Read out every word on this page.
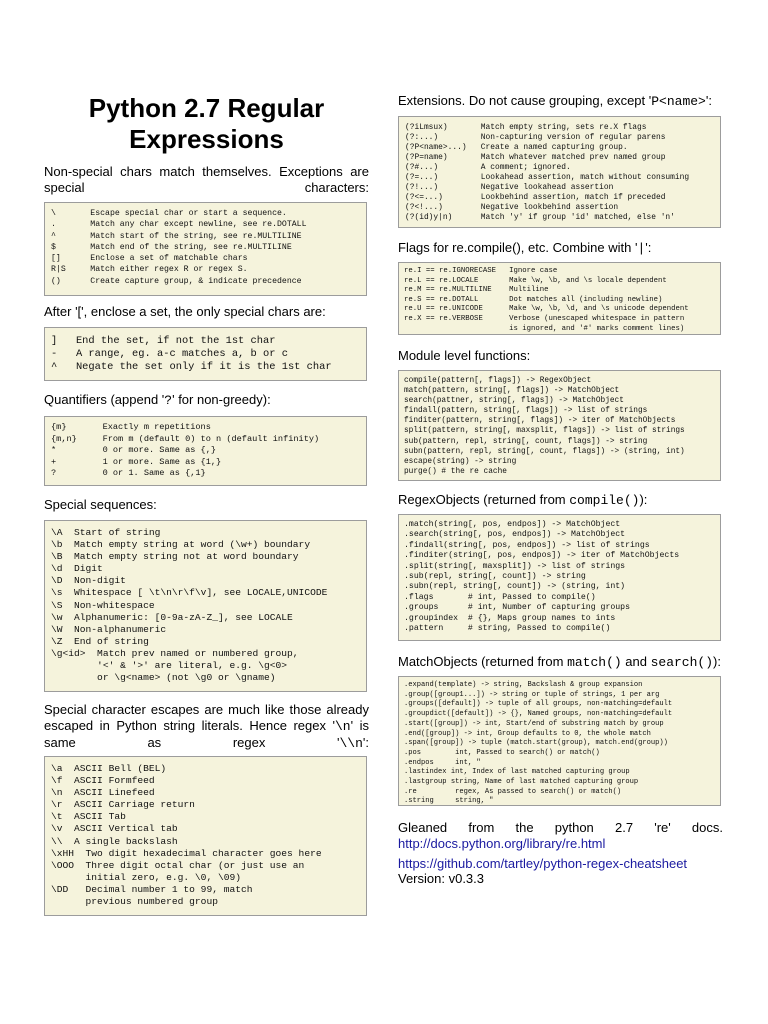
Python 2.7 Regular Expressions

Non-special chars match themselves. Exceptions are special characters:

\       Escape special char or start a sequence.
.       Match any char except newline, see re.DOTALL
^       Match start of the string, see re.MULTILINE
$       Match end of the string, see re.MULTILINE
[]      Enclose a set of matchable chars
R|S     Match either regex R or regex S.
()      Create capture group, & indicate precedence

After '[', enclose a set, the only special chars are:

]   End the set, if not the 1st char
-   A range, eg. a-c matches a, b or c
^   Negate the set only if it is the 1st char

Quantifiers (append '?' for non-greedy):

{m}       Exactly m repetitions
{m,n}     From m (default 0) to n (default infinity)
*         0 or more. Same as {,}
+         1 or more. Same as {1,}
?         0 or 1. Same as {,1}

Special sequences:

\A  Start of string
\b  Match empty string at word (\w+) boundary
\B  Match empty string not at word boundary
\d  Digit
\D  Non-digit
\s  Whitespace [ \t\n\r\f\v], see LOCALE,UNICODE
\S  Non-whitespace
\w  Alphanumeric: [0-9a-zA-Z_], see LOCALE
\W  Non-alphanumeric
\Z  End of string
\g<id>  Match prev named or numbered group,
'<' & '>' are literal, e.g. \g<0>
or \g<name> (not \g0 or \gname)

Special character escapes are much like those already escaped in Python string literals. Hence regex '\n' is same as regex '\\n':

\a  ASCII Bell (BEL)
\f  ASCII Formfeed
\n  ASCII Linefeed
\r  ASCII Carriage return
\t  ASCII Tab
\v  ASCII Vertical tab
\\  A single backslash
\xHH  Two digit hexadecimal character goes here
\OOO  Three digit octal char (or just use an
initial zero, e.g. \0, \09)
\DD   Decimal number 1 to 99, match
previous numbered group

Extensions. Do not cause grouping, except 'P<name>':

(?iLmsux)       Match empty string, sets re.X flags
(?:...)         Non-capturing version of regular parens
(?P<name>...)   Create a named capturing group.
(?P=name)       Match whatever matched prev named group
(?#...)         A comment; ignored.
(?=...)         Lookahead assertion, match without consuming
(?!...)         Negative lookahead assertion
(?<=...)        Lookbehind assertion, match if preceded
(?<!...)        Negative lookbehind assertion
(?(id)y|n)      Match 'y' if group 'id' matched, else 'n'

Flags for re.compile(), etc. Combine with '|':

re.I == re.IGNORECASE   Ignore case
re.L == re.LOCALE       Make \w, \b, and \s locale dependent
re.M == re.MULTILINE    Multiline
re.S == re.DOTALL       Dot matches all (including newline)
re.U == re.UNICODE      Make \w, \b, \d, and \s unicode dependent
re.X == re.VERBOSE      Verbose (unescaped whitespace in pattern
is ignored, and '#' marks comment lines)

Module level functions:

compile(pattern[, flags]) -> RegexObject
match(pattern, string[, flags]) -> MatchObject
search(pattner, string[, flags]) -> MatchObject
findall(pattern, string[, flags]) -> list of strings
finditer(pattern, string[, flags]) -> iter of MatchObjects
split(pattern, string[, maxsplit, flags]) -> list of strings
sub(pattern, repl, string[, count, flags]) -> string
subn(pattern, repl, string[, count, flags]) -> (string, int)
escape(string) -> string
purge() # the re cache

RegexObjects (returned from compile()):

.match(string[, pos, endpos]) -> MatchObject
.search(string[, pos, endpos]) -> MatchObject
.findall(string[, pos, endpos]) -> list of strings
.finditer(string[, pos, endpos]) -> iter of MatchObjects
.split(string[, maxsplit]) -> list of strings
.sub(repl, string[, count]) -> string
.subn(repl, string[, count]) -> (string, int)
.flags       # int, Passed to compile()
.groups      # int, Number of capturing groups
.groupindex  # {}, Maps group names to ints
.pattern     # string, Passed to compile()

MatchObjects (returned from match() and search()):

.expand(template) -> string, Backslash & group expansion
.group([group1...]) -> string or tuple of strings, 1 per arg
.groups([default]) -> tuple of all groups, non-matching=default
.groupdict([default]) -> {}, Named groups, non-matching=default
.start([group]) -> int, Start/end of substring match by group
.end([group]) -> int, Group defaults to 0, the whole match
.span([group]) -> tuple (match.start(group), match.end(group))
.pos        int, Passed to search() or match()
.endpos     int, "
.lastindex int, Index of last matched capturing group
.lastgroup string, Name of last matched capturing group
.re         regex, As passed to search() or match()
.string     string, "

Gleaned from the python 2.7 're' docs.

http://docs.python.org/library/re.html

https://github.com/tartley/python-regex-cheatsheet

Version: v0.3.3
